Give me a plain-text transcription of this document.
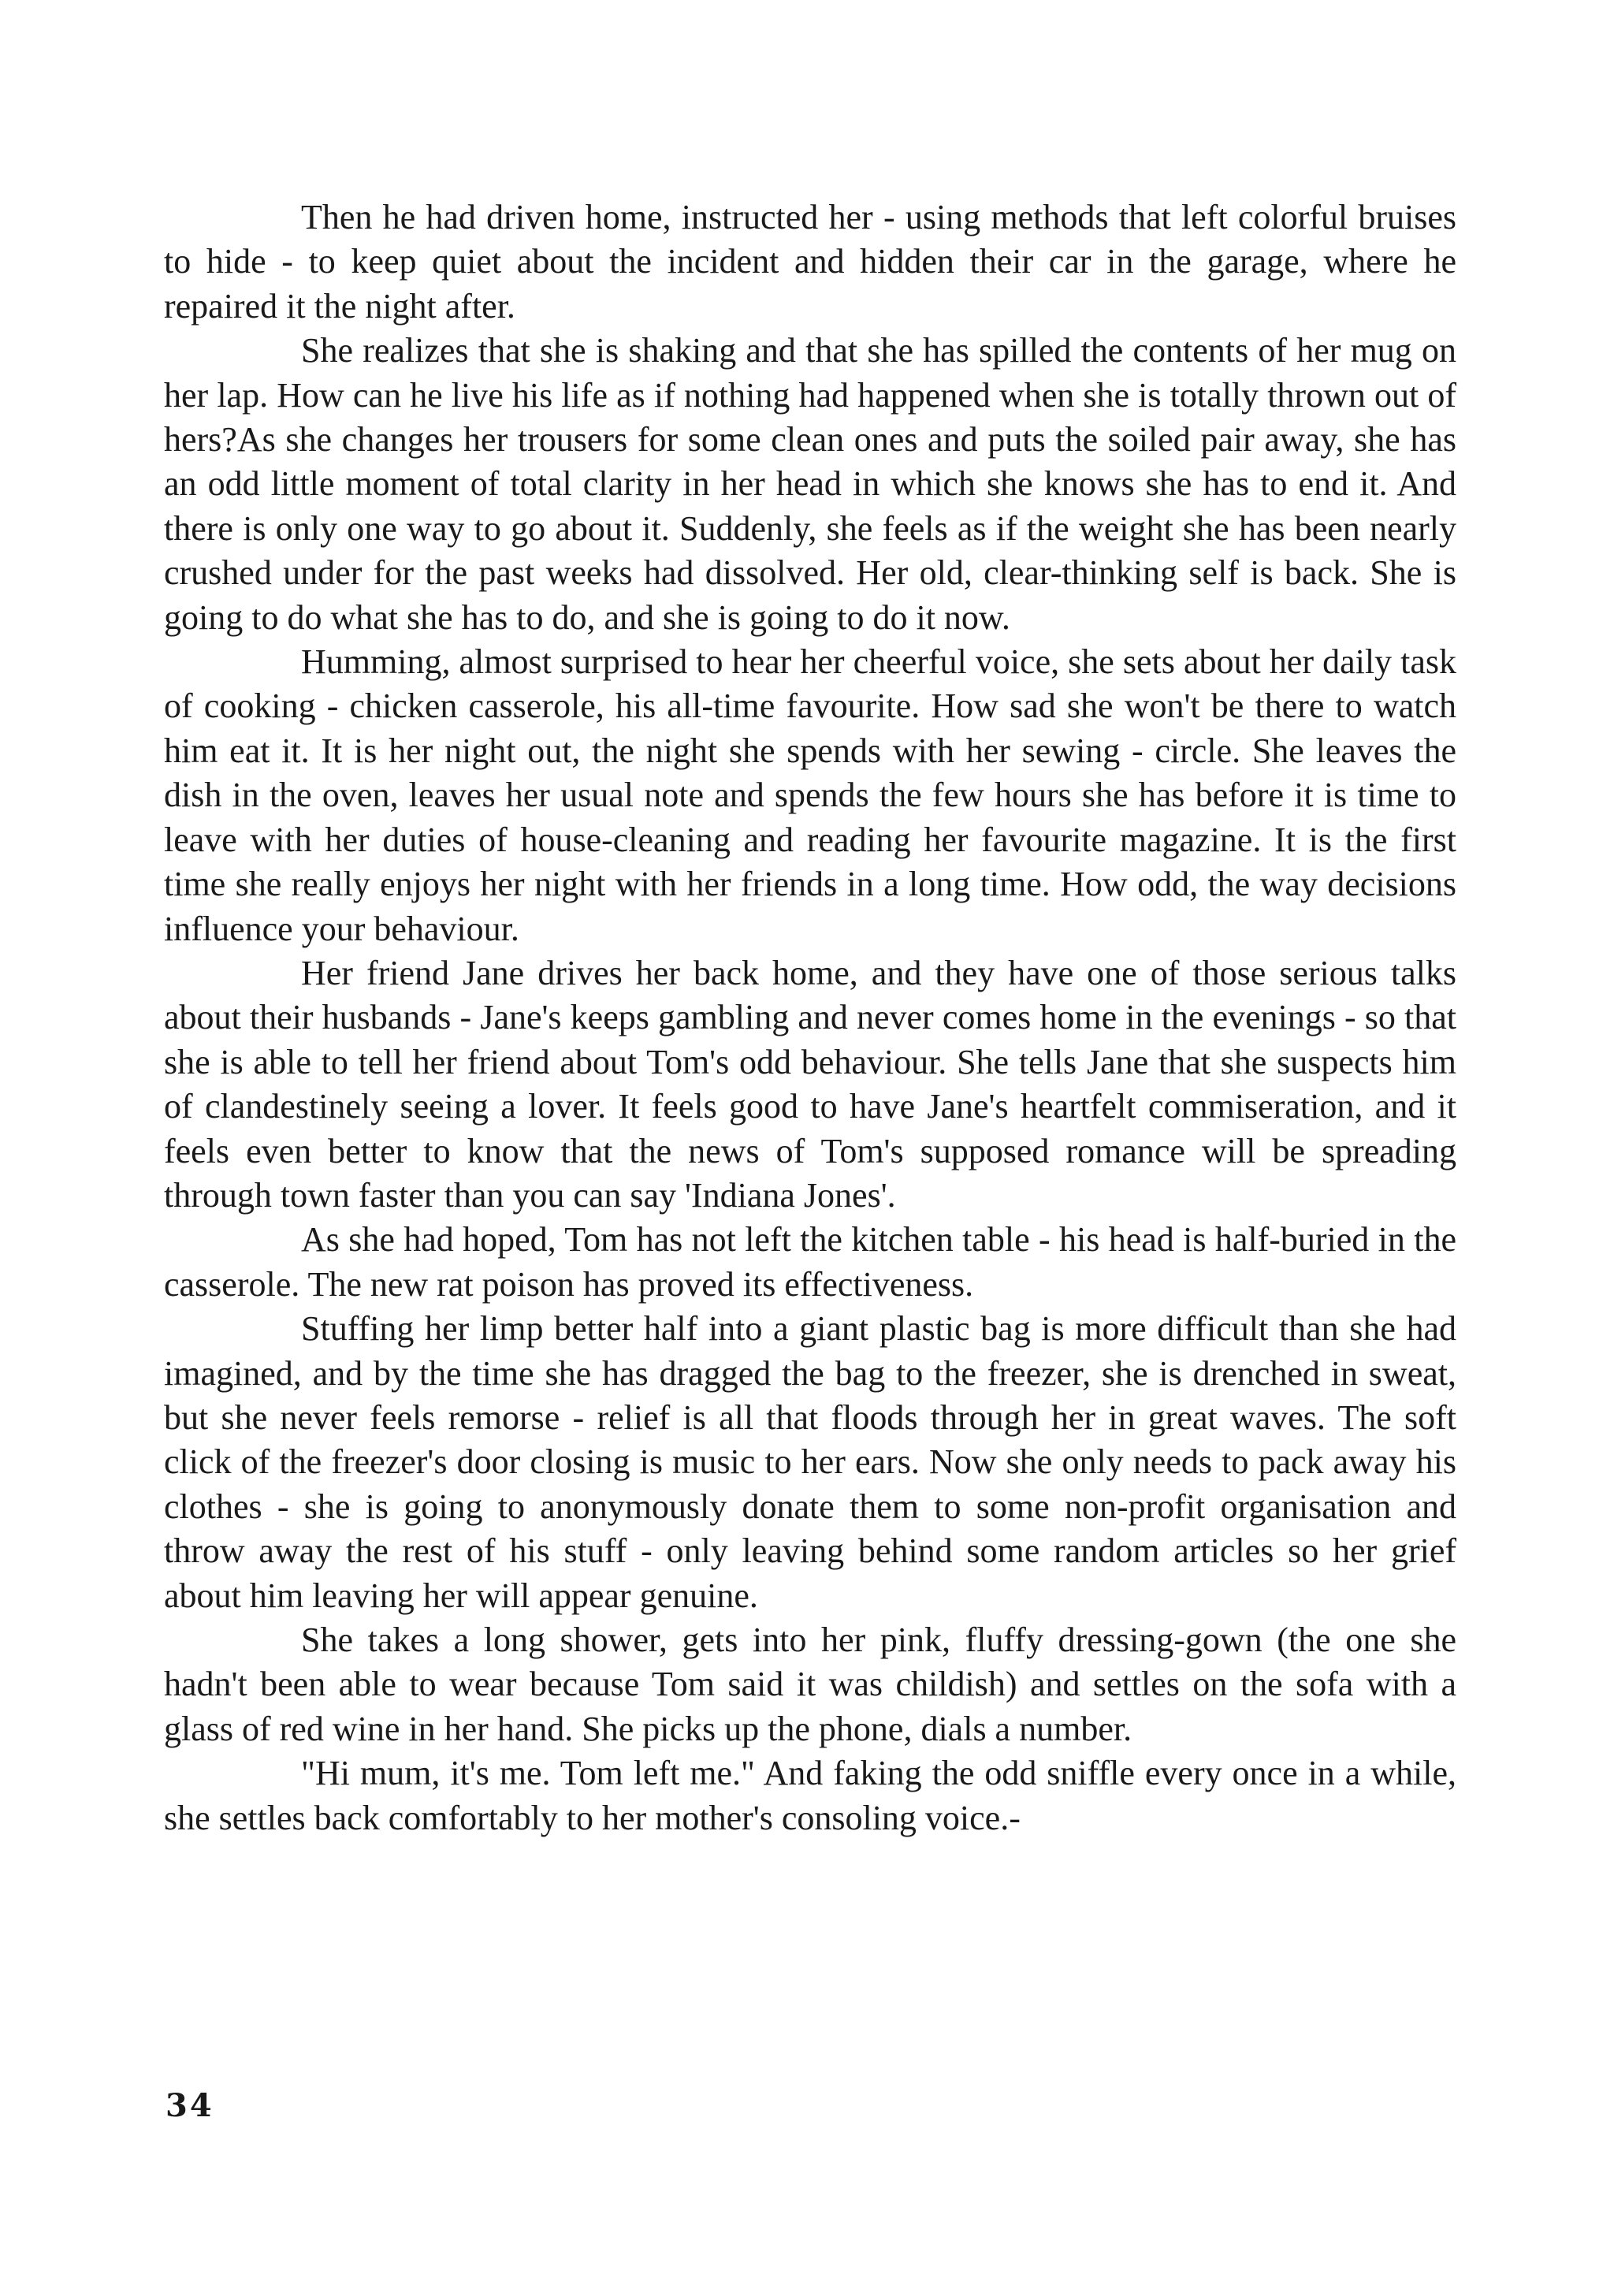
Then he had driven home, instructed her - using methods that left colorful bruises to hide - to keep quiet about the incident and hidden their car in the garage, where he repaired it the night after.

She realizes that she is shaking and that she has spilled the contents of her mug on her lap. How can he live his life as if nothing had happened when she is totally thrown out of hers?As she changes her trousers for some clean ones and puts the soiled pair away, she has an odd little moment of total clarity in her head in which she knows she has to end it. And there is only one way to go about it. Suddenly, she feels as if the weight she has been nearly crushed under for the past weeks had dissolved. Her old, clear-thinking self is back. She is going to do what she has to do, and she is going to do it now.

Humming, almost surprised to hear her cheerful voice, she sets about her daily task of cooking - chicken casserole, his all-time favourite. How sad she won't be there to watch him eat it. It is her night out, the night she spends with her sewing - circle. She leaves the dish in the oven, leaves her usual note and spends the few hours she has before it is time to leave with her duties of house-cleaning and reading her favourite magazine. It is the first time she really enjoys her night with her friends in a long time. How odd, the way decisions influence your behaviour.

Her friend Jane drives her back home, and they have one of those serious talks about their husbands - Jane's keeps gambling and never comes home in the evenings - so that she is able to tell her friend about Tom's odd behaviour. She tells Jane that she suspects him of clandestinely seeing a lover. It feels good to have Jane's heartfelt commiseration, and it feels even better to know that the news of Tom's supposed romance will be spreading through town faster than you can say 'Indiana Jones'.

As she had hoped, Tom has not left the kitchen table - his head is half-buried in the casserole. The new rat poison has proved its effectiveness.

Stuffing her limp better half into a giant plastic bag is more difficult than she had imagined, and by the time she has dragged the bag to the freezer, she is drenched in sweat, but she never feels remorse - relief is all that floods through her in great waves. The soft click of the freezer's door closing is music to her ears. Now she only needs to pack away his clothes - she is going to anonymously donate them to some non-profit organisation and throw away the rest of his stuff - only leaving behind some random articles so her grief about him leaving her will appear genuine.

She takes a long shower, gets into her pink, fluffy dressing-gown (the one she hadn't been able to wear because Tom said it was childish) and settles on the sofa with a glass of red wine in her hand. She picks up the phone, dials a number.

"Hi mum, it's me. Tom left me." And faking the odd sniffle every once in a while, she settles back comfortably to her mother's consoling voice.-

34
